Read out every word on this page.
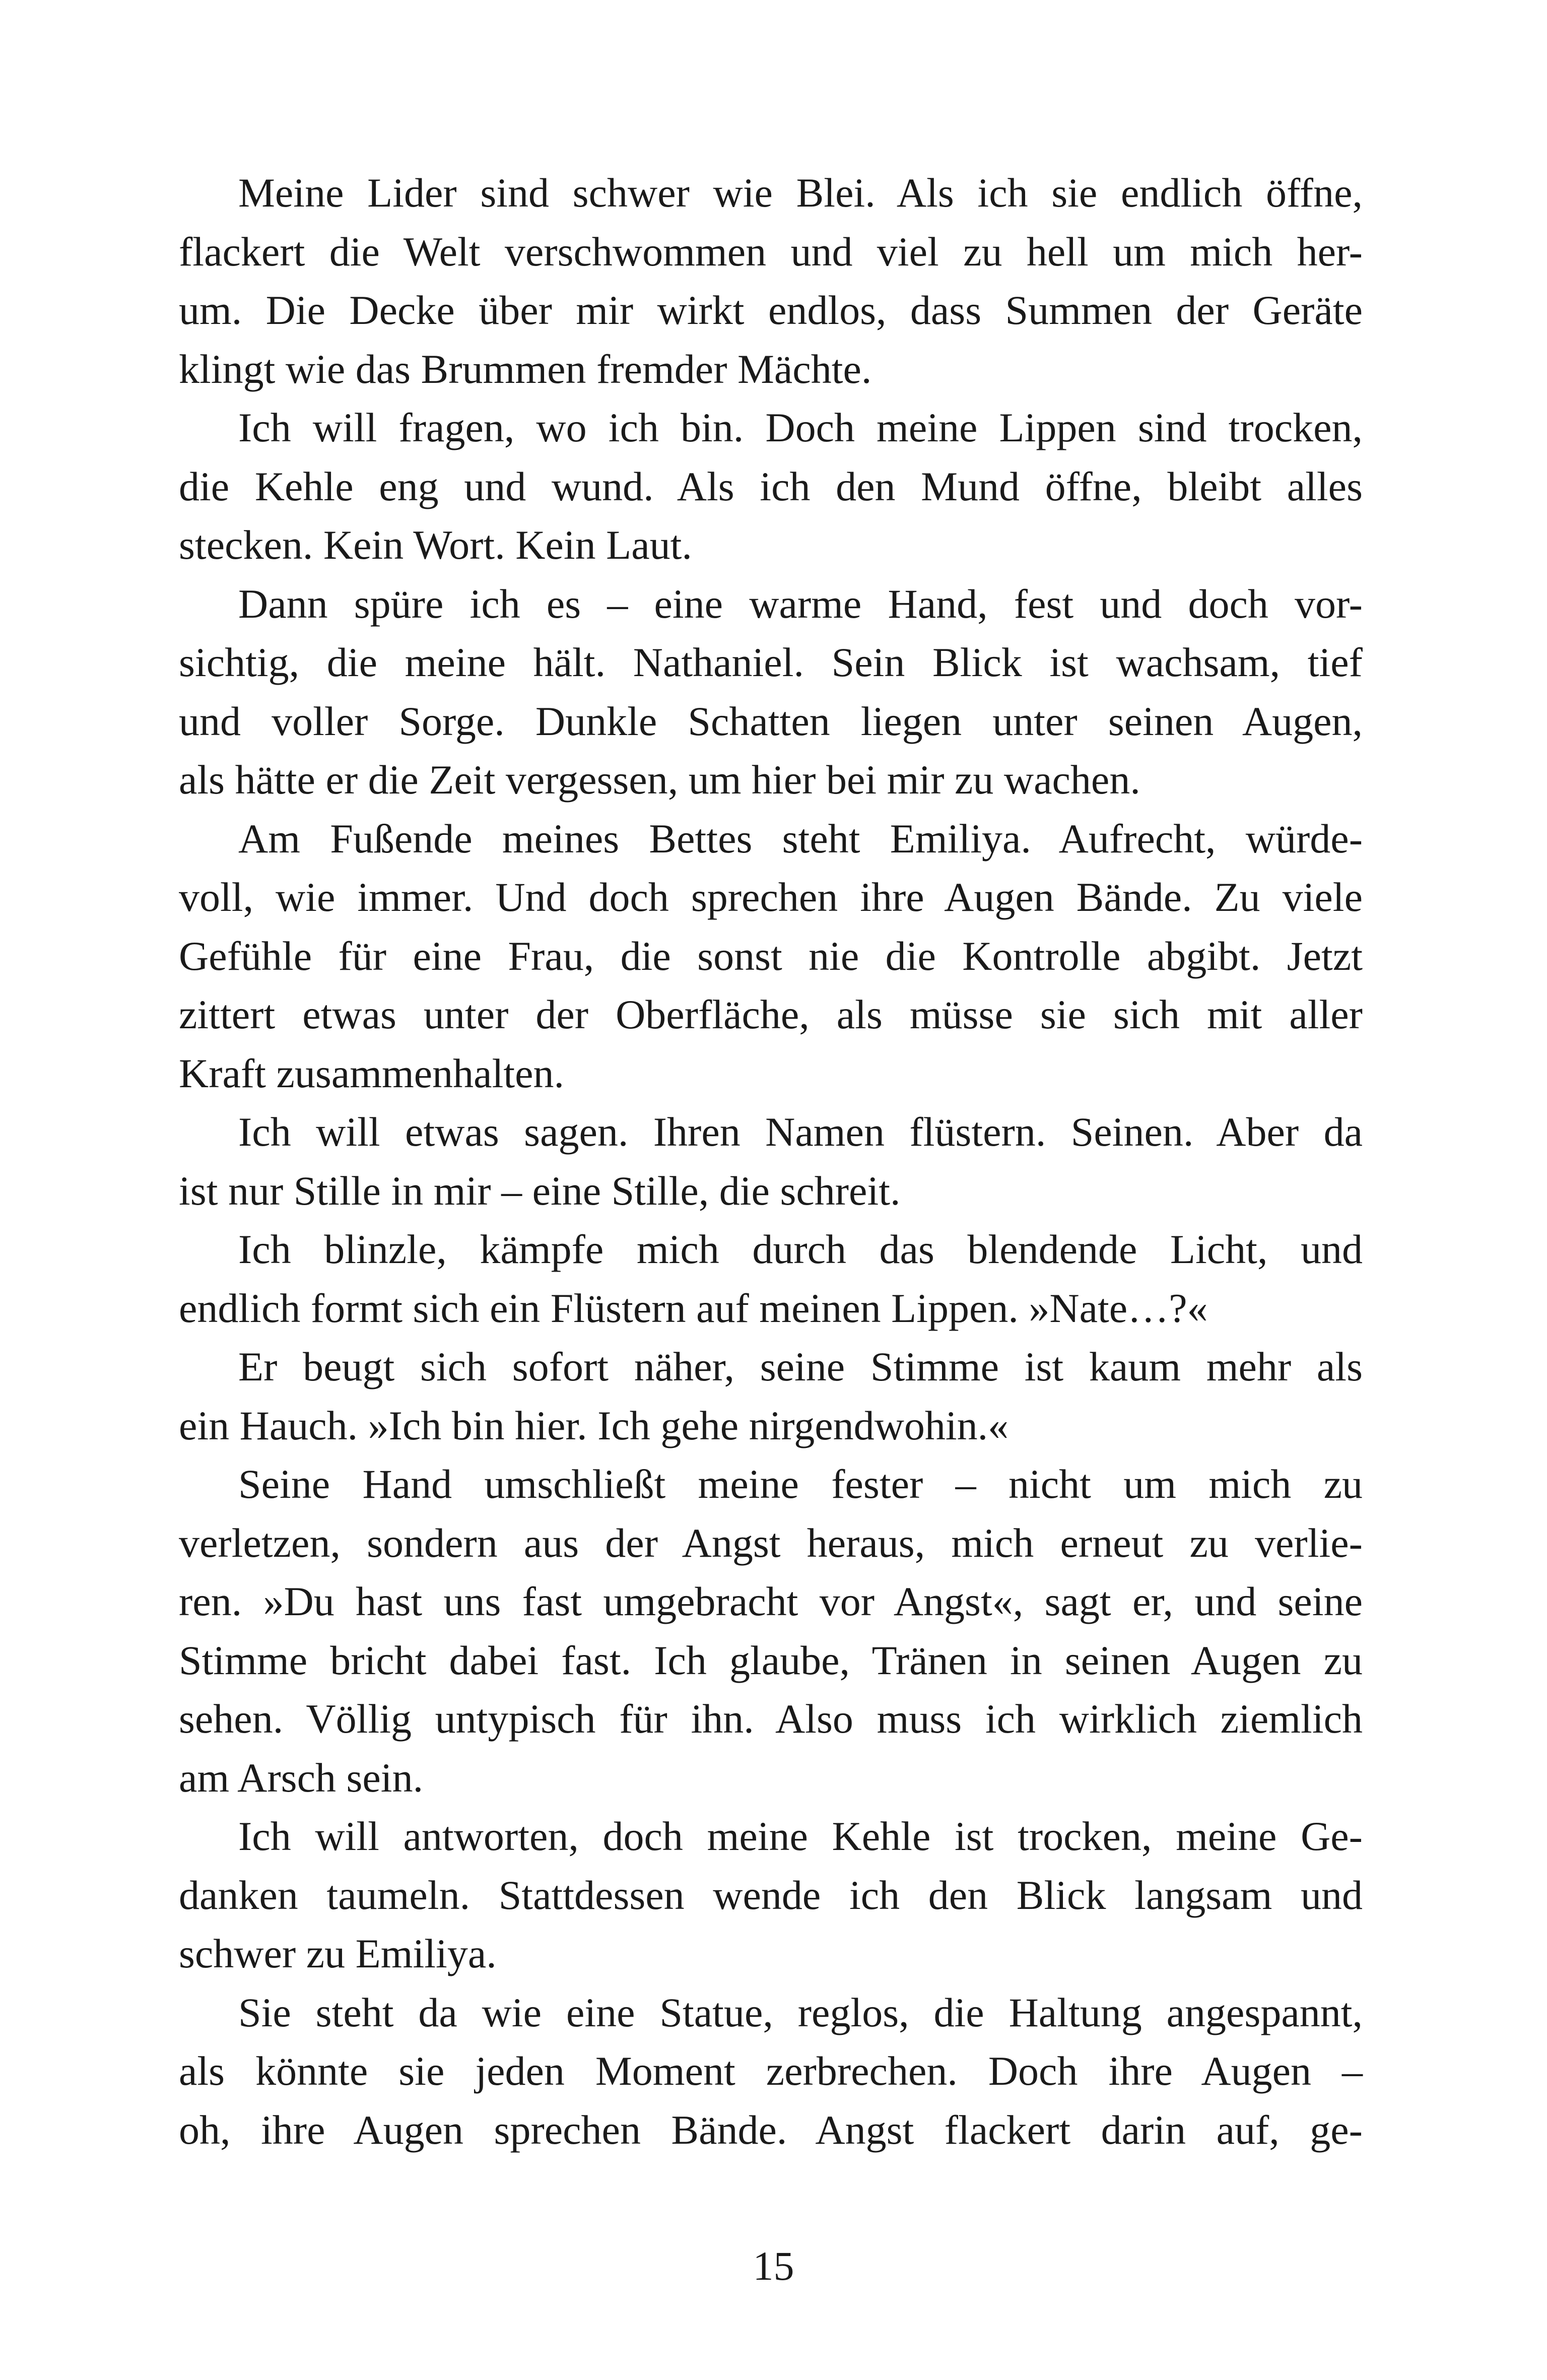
Meine Lider sind schwer wie Blei. Als ich sie endlich öffne,
flackert die Welt verschwommen und viel zu hell um mich her-
um. Die Decke über mir wirkt endlos, dass Summen der Geräte
klingt wie das Brummen fremder Mächte.
Ich will fragen, wo ich bin. Doch meine Lippen sind trocken,
die Kehle eng und wund. Als ich den Mund öffne, bleibt alles
stecken. Kein Wort. Kein Laut.
Dann spüre ich es – eine warme Hand, fest und doch vor-
sichtig, die meine hält. Nathaniel. Sein Blick ist wachsam, tief
und voller Sorge. Dunkle Schatten liegen unter seinen Augen,
als hätte er die Zeit vergessen, um hier bei mir zu wachen.
Am Fußende meines Bettes steht Emiliya. Aufrecht, würde-
voll, wie immer. Und doch sprechen ihre Augen Bände. Zu viele
Gefühle für eine Frau, die sonst nie die Kontrolle abgibt. Jetzt
zittert etwas unter der Oberfläche, als müsse sie sich mit aller
Kraft zusammenhalten.
Ich will etwas sagen. Ihren Namen flüstern. Seinen. Aber da
ist nur Stille in mir – eine Stille, die schreit.
Ich blinzle, kämpfe mich durch das blendende Licht, und
endlich formt sich ein Flüstern auf meinen Lippen. »Nate…?«
Er beugt sich sofort näher, seine Stimme ist kaum mehr als
ein Hauch. »Ich bin hier. Ich gehe nirgendwohin.«
Seine Hand umschließt meine fester – nicht um mich zu
verletzen, sondern aus der Angst heraus, mich erneut zu verlie-
ren. »Du hast uns fast umgebracht vor Angst«, sagt er, und seine
Stimme bricht dabei fast. Ich glaube, Tränen in seinen Augen zu
sehen. Völlig untypisch für ihn. Also muss ich wirklich ziemlich
am Arsch sein.
Ich will antworten, doch meine Kehle ist trocken, meine Ge-
danken taumeln. Stattdessen wende ich den Blick langsam und
schwer zu Emiliya.
Sie steht da wie eine Statue, reglos, die Haltung angespannt,
als könnte sie jeden Moment zerbrechen. Doch ihre Augen –
oh, ihre Augen sprechen Bände. Angst flackert darin auf, ge-
15
